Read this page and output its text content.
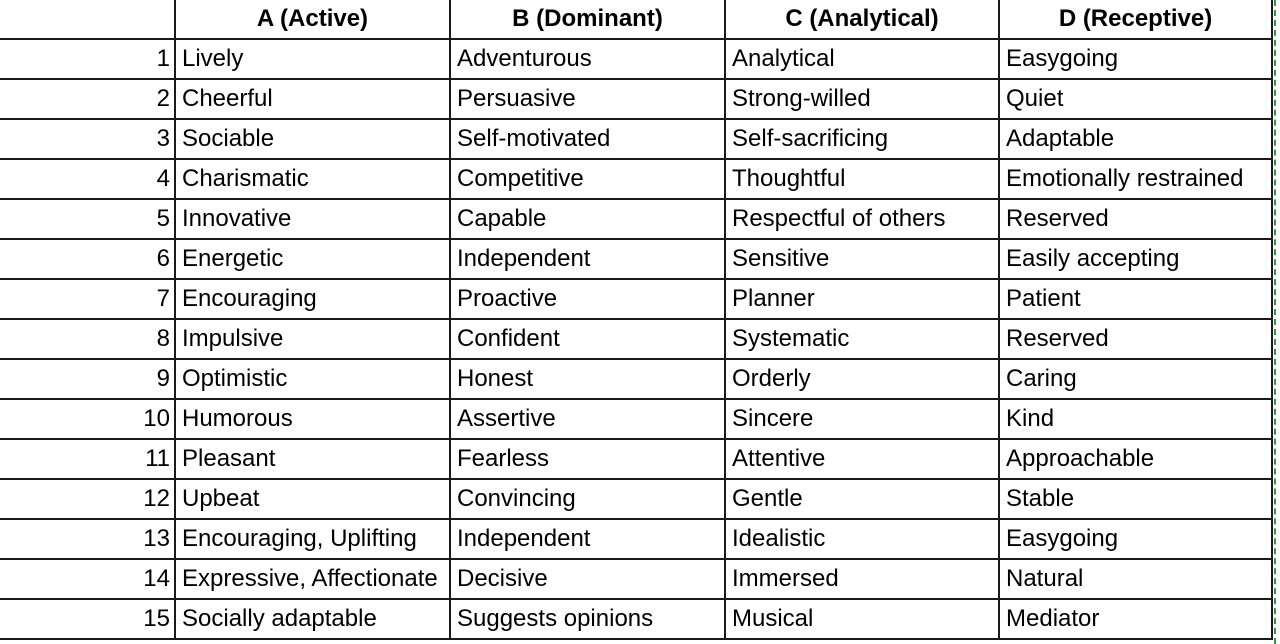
	A (Active)	B (Dominant)	C (Analytical)	D (Receptive)
1	Lively	Adventurous	Analytical	Easygoing
2	Cheerful	Persuasive	Strong-willed	Quiet
3	Sociable	Self-motivated	Self-sacrificing	Adaptable
4	Charismatic	Competitive	Thoughtful	Emotionally restrained
5	Innovative	Capable	Respectful of others	Reserved
6	Energetic	Independent	Sensitive	Easily accepting
7	Encouraging	Proactive	Planner	Patient
8	Impulsive	Confident	Systematic	Reserved
9	Optimistic	Honest	Orderly	Caring
10	Humorous	Assertive	Sincere	Kind
11	Pleasant	Fearless	Attentive	Approachable
12	Upbeat	Convincing	Gentle	Stable
13	Encouraging, Uplifting	Independent	Idealistic	Easygoing
14	Expressive, Affectionate	Decisive	Immersed	Natural
15	Socially adaptable	Suggests opinions	Musical	Mediator
